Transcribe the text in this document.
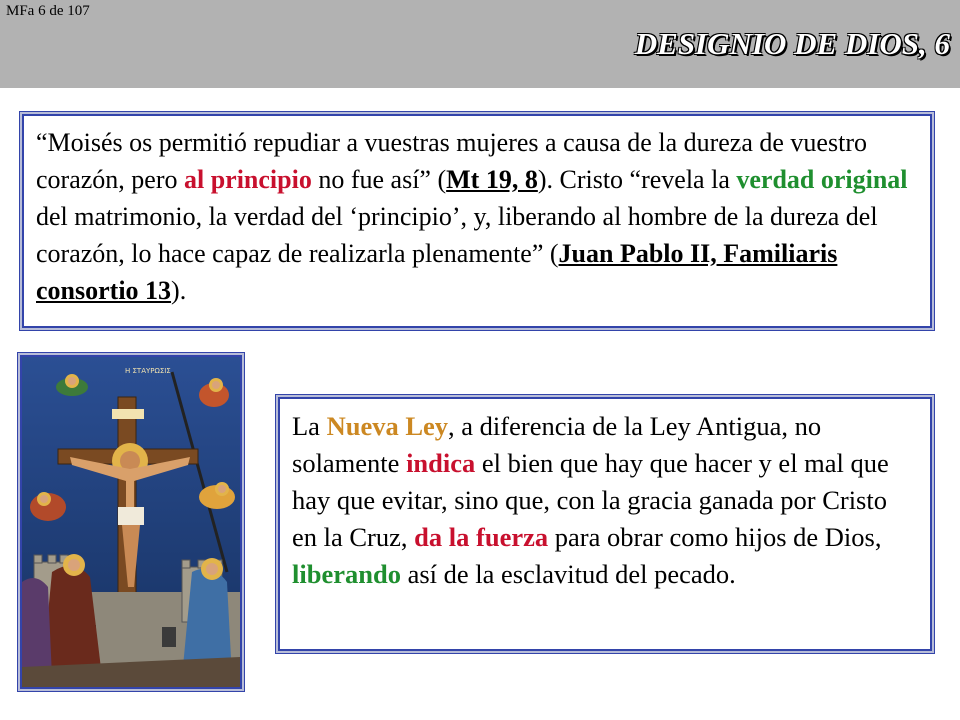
MFa 6 de 107
DESIGNIO DE DIOS, 6

“Moisés os permitió repudiar a vuestras mujeres a causa de la dureza de vuestro corazón, pero al principio no fue así” (Mt 19, 8). Cristo “revela la verdad original del matrimonio, la verdad del ‘principio’, y, liberando al hombre de la dureza del corazón, lo hace capaz de realizarla plenamente” (Juan Pablo II, Familiaris consortio 13).

Η ΣΤΑΥΡΩΣΙΣ

La Nueva Ley, a diferencia de la Ley Antigua, no solamente indica el bien que hay que hacer y el mal que hay que evitar, sino que, con la gracia ganada por Cristo en la Cruz, da la fuerza para obrar como hijos de Dios, liberando así de la esclavitud del pecado.
